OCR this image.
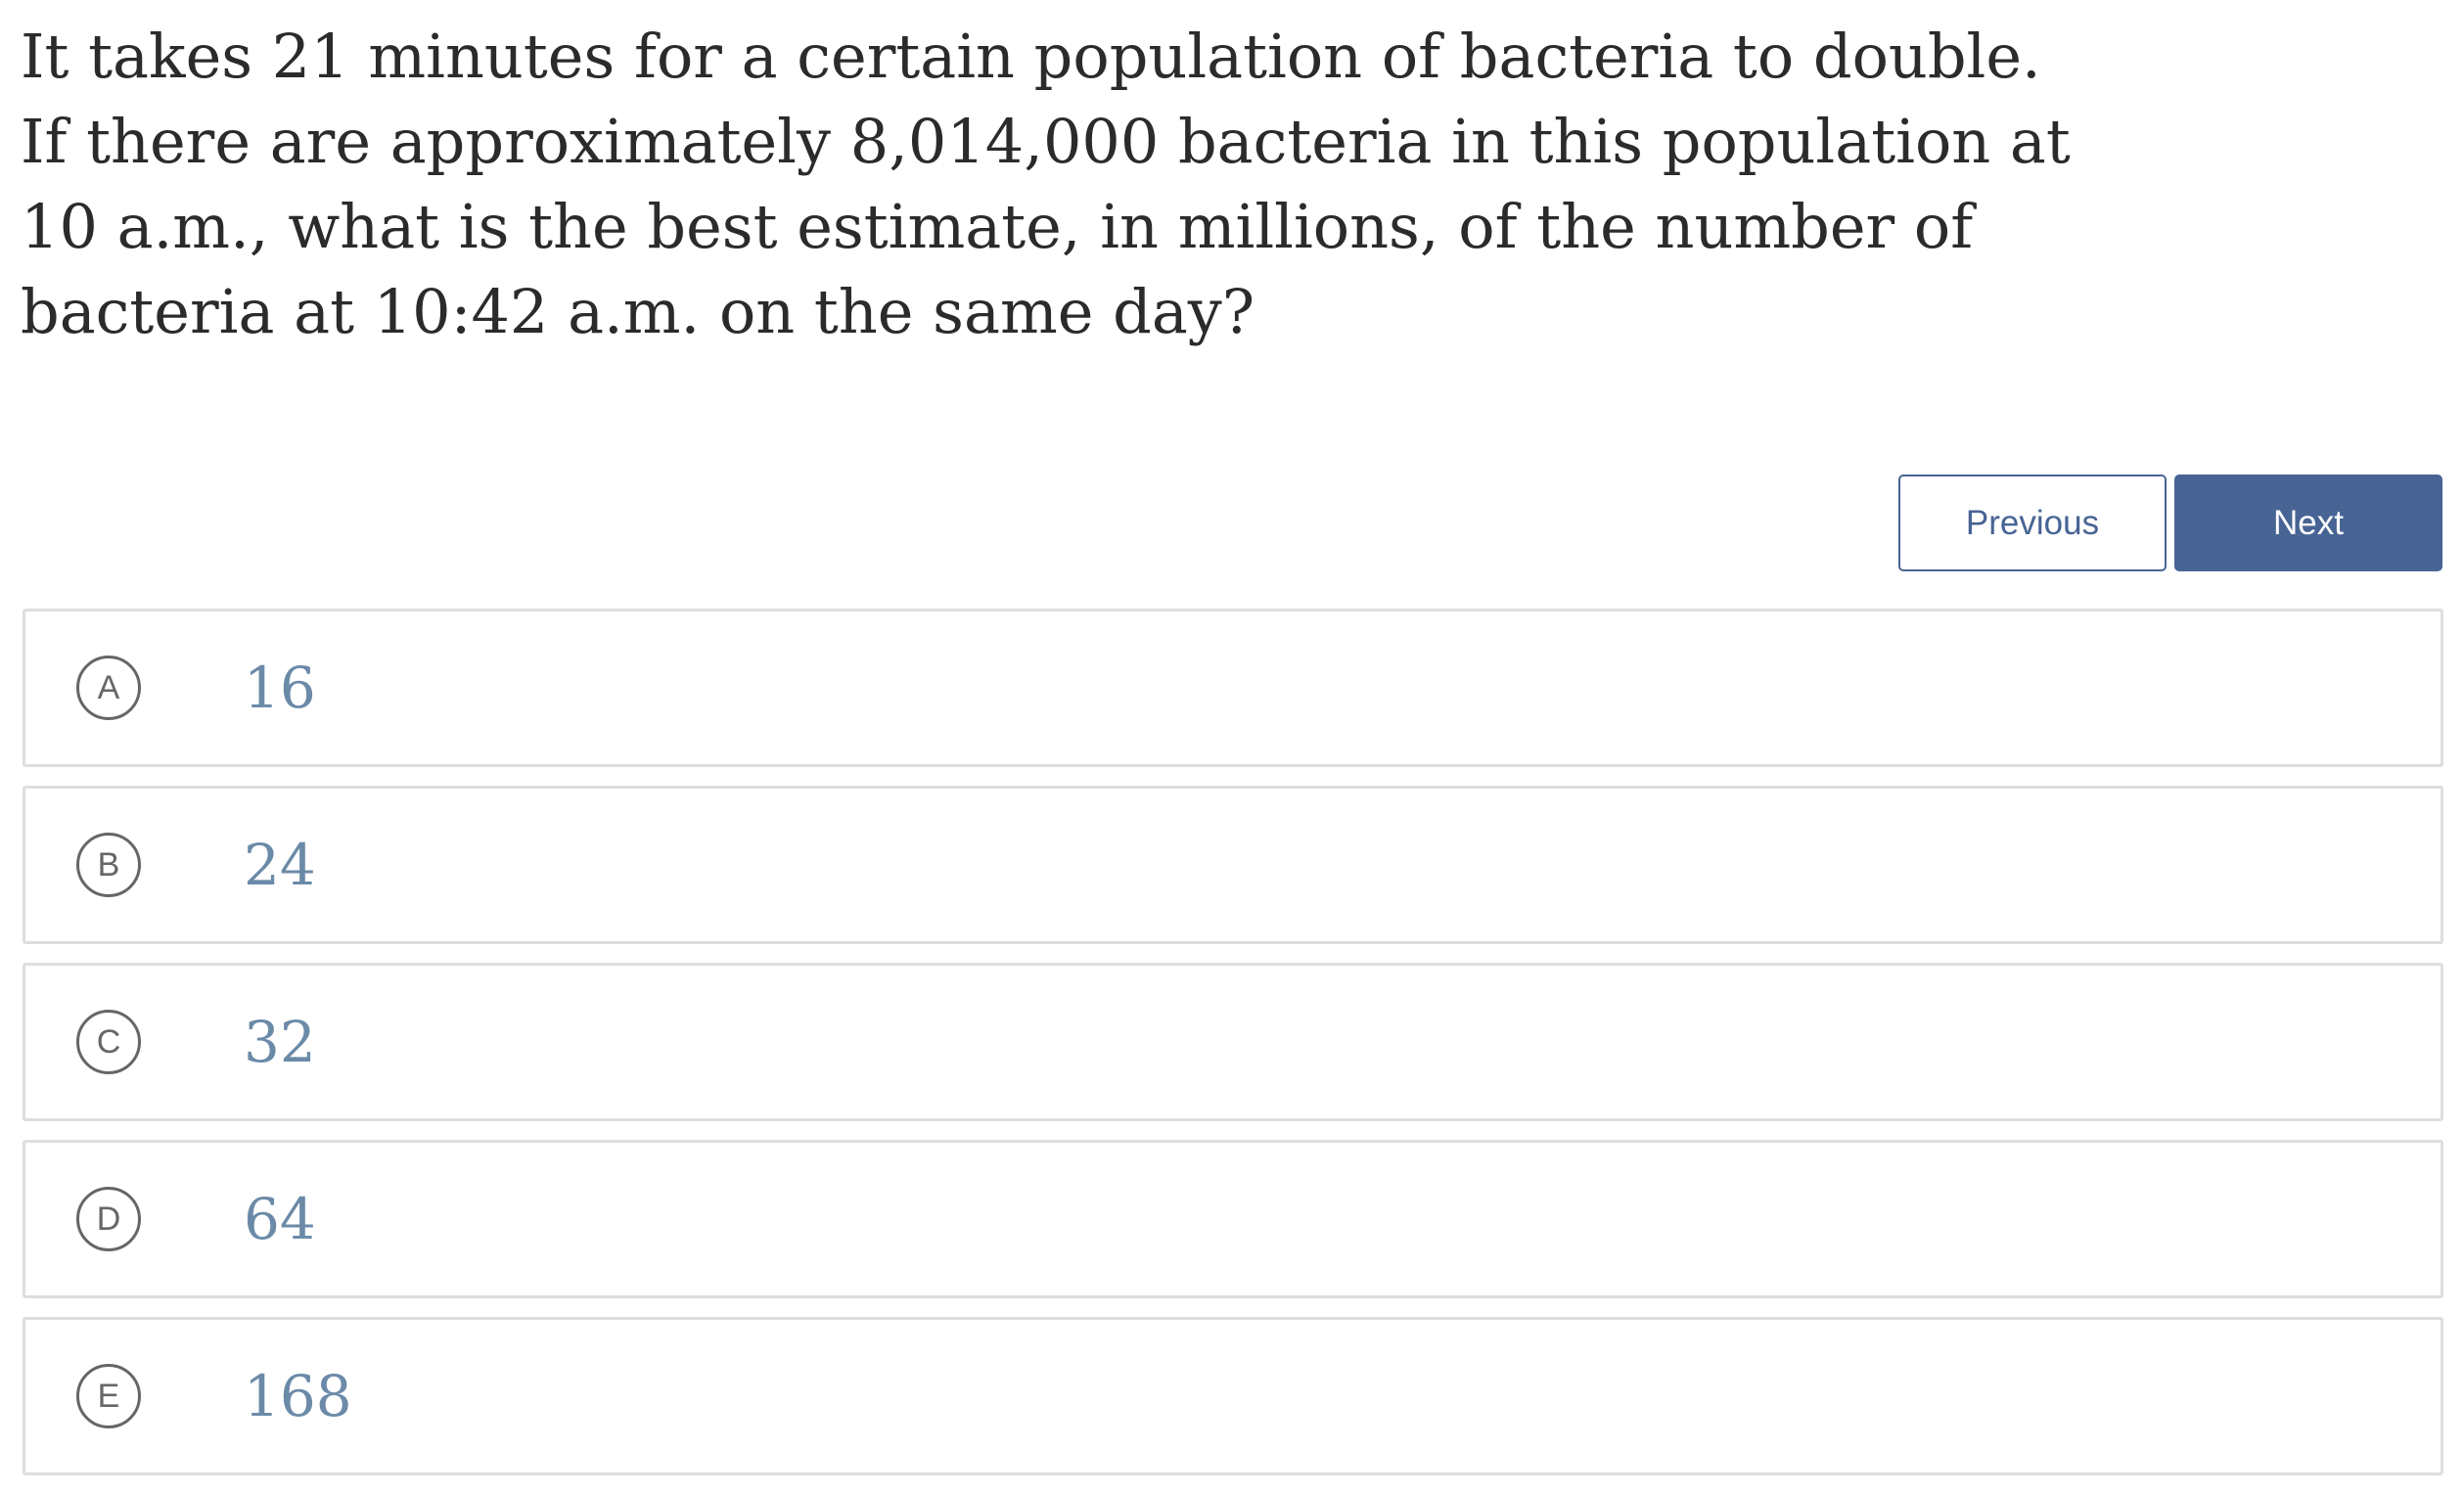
It takes 21 minutes for a certain population of bacteria to double.
If there are approximately 8,014,000 bacteria in this population at
10 a.m., what is the best estimate, in millions, of the number of
bacteria at 10:42 a.m. on the same day?

Previous	Next
A	16
B	24
C	32
D	64
E	168
